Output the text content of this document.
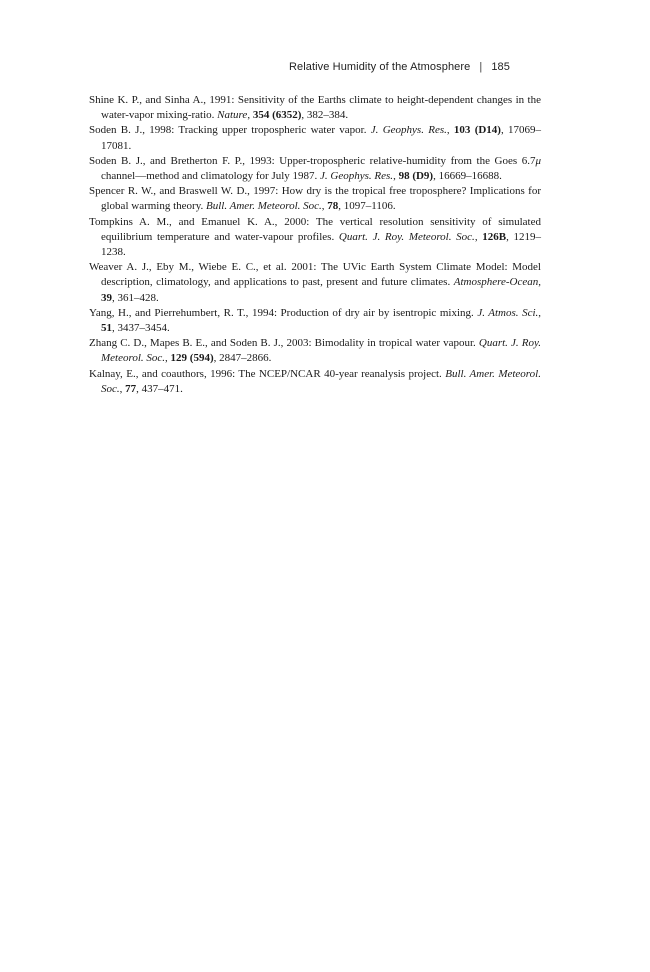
Relative Humidity of the Atmosphere | 185
Shine K. P., and Sinha A., 1991: Sensitivity of the Earths climate to height-dependent changes in the water-vapor mixing-ratio. Nature, 354 (6352), 382–384.
Soden B. J., 1998: Tracking upper tropospheric water vapor. J. Geophys. Res., 103 (D14), 17069–17081.
Soden B. J., and Bretherton F. P., 1993: Upper-tropospheric relative-humidity from the Goes 6.7μ channel—method and climatology for July 1987. J. Geophys. Res., 98 (D9), 16669–16688.
Spencer R. W., and Braswell W. D., 1997: How dry is the tropical free troposphere? Implications for global warming theory. Bull. Amer. Meteorol. Soc., 78, 1097–1106.
Tompkins A. M., and Emanuel K. A., 2000: The vertical resolution sensitivity of simulated equilibrium temperature and water-vapour profiles. Quart. J. Roy. Meteorol. Soc., 126B, 1219–1238.
Weaver A. J., Eby M., Wiebe E. C., et al. 2001: The UVic Earth System Climate Model: Model description, climatology, and applications to past, present and future climates. Atmosphere-Ocean, 39, 361–428.
Yang, H., and Pierrehumbert, R. T., 1994: Production of dry air by isentropic mixing. J. Atmos. Sci., 51, 3437–3454.
Zhang C. D., Mapes B. E., and Soden B. J., 2003: Bimodality in tropical water vapour. Quart. J. Roy. Meteorol. Soc., 129 (594), 2847–2866.
Kalnay, E., and coauthors, 1996: The NCEP/NCAR 40-year reanalysis project. Bull. Amer. Meteorol. Soc., 77, 437–471.
